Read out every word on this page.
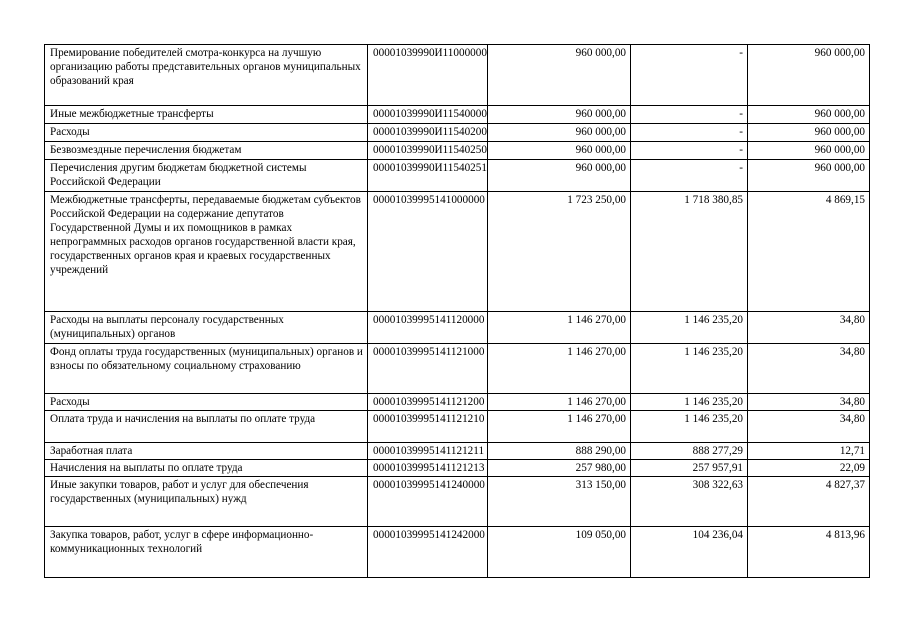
Премирование победителей смотра-конкурса на лучшую организацию работы представительных органов муниципальных образований края	00001039990И11000000	960 000,00	-	960 000,00
Иные межбюджетные трансферты	00001039990И11540000	960 000,00	-	960 000,00
Расходы	00001039990И11540200	960 000,00	-	960 000,00
Безвозмездные перечисления бюджетам	00001039990И11540250	960 000,00	-	960 000,00
Перечисления другим бюджетам бюджетной системы Российской Федерации	00001039990И11540251	960 000,00	-	960 000,00
Межбюджетные трансферты, передаваемые бюджетам субъектов Российской Федерации на содержание депутатов Государственной Думы и их помощников в рамках непрограммных расходов органов государственной власти края, государственных органов края и краевых государственных учреждений	00001039995141000000	1 723 250,00	1 718 380,85	4 869,15
Расходы на выплаты персоналу государственных (муниципальных) органов	00001039995141120000	1 146 270,00	1 146 235,20	34,80
Фонд оплаты труда государственных (муниципальных) органов и взносы по обязательному социальному страхованию	00001039995141121000	1 146 270,00	1 146 235,20	34,80
Расходы	00001039995141121200	1 146 270,00	1 146 235,20	34,80
Оплата труда и начисления на выплаты по оплате труда	00001039995141121210	1 146 270,00	1 146 235,20	34,80
Заработная плата	00001039995141121211	888 290,00	888 277,29	12,71
Начисления на выплаты по оплате труда	00001039995141121213	257 980,00	257 957,91	22,09
Иные закупки товаров, работ и услуг для обеспечения государственных (муниципальных) нужд	00001039995141240000	313 150,00	308 322,63	4 827,37
Закупка товаров, работ, услуг в сфере информационно-коммуникационных технологий	00001039995141242000	109 050,00	104 236,04	4 813,96
